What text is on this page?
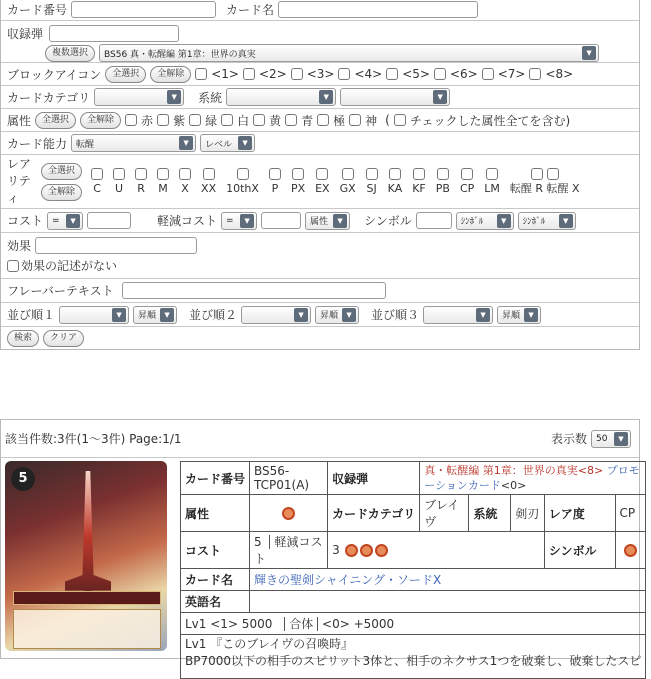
カード番号	カード名
収録弾
複数選択	BS56 真・転醒編 第1章：世界の真実	▼
ブロックアイコン	全選択	全解除	<1> <2> <3> <4> <5> <6> <7> <8>
カードカテゴリ	▼	系統	▼	▼
属性	全選択	全解除	赤 紫 緑 白 黄 青 極 神 ( チェックした属性全てを含む)
カード能力 転醒	▼	レベル	▼
レア
リテ
ィ
全選択
全解除
	C	U	R	M	X	XX 10thX	P	PX EX GX SJ KA KF PB CP LM 転醒 R 転醒 X
コスト =	▼	軽減コスト =	▼	属性	▼	シンボル	ｼﾝﾎﾞﾙ	▼	ｼﾝﾎﾞﾙ	▼
効果
効果の記述がない
フレーバーテキスト
並び順１	▼	昇順	▼	並び順２	▼	昇順	▼	並び順３	▼	昇順	▼
検索	クリア
該当件数:3件(1〜3件) Page:1/1	表示数 50	▼
5	カード番号	BS56-TCP01(A)	収録弾	真・転醒編 第1章：世界の真実<8> プロモーションカード<0>				
属性		カードカテゴリ	ブレイヴ	系統	剣刃	レア度	CP
コスト	5 軽減コスト	3				シンボル	
カード名	輝きの聖剣シャイニング・ソードX						
英語名							
Lv1 <1> 5000 合体 <0> +5000							
Lv1 『このブレイヴの召喚時』
BP7000以下の相手のスピリット3体と、相手のネクサス1つを破棄し、破棄したスピ							
